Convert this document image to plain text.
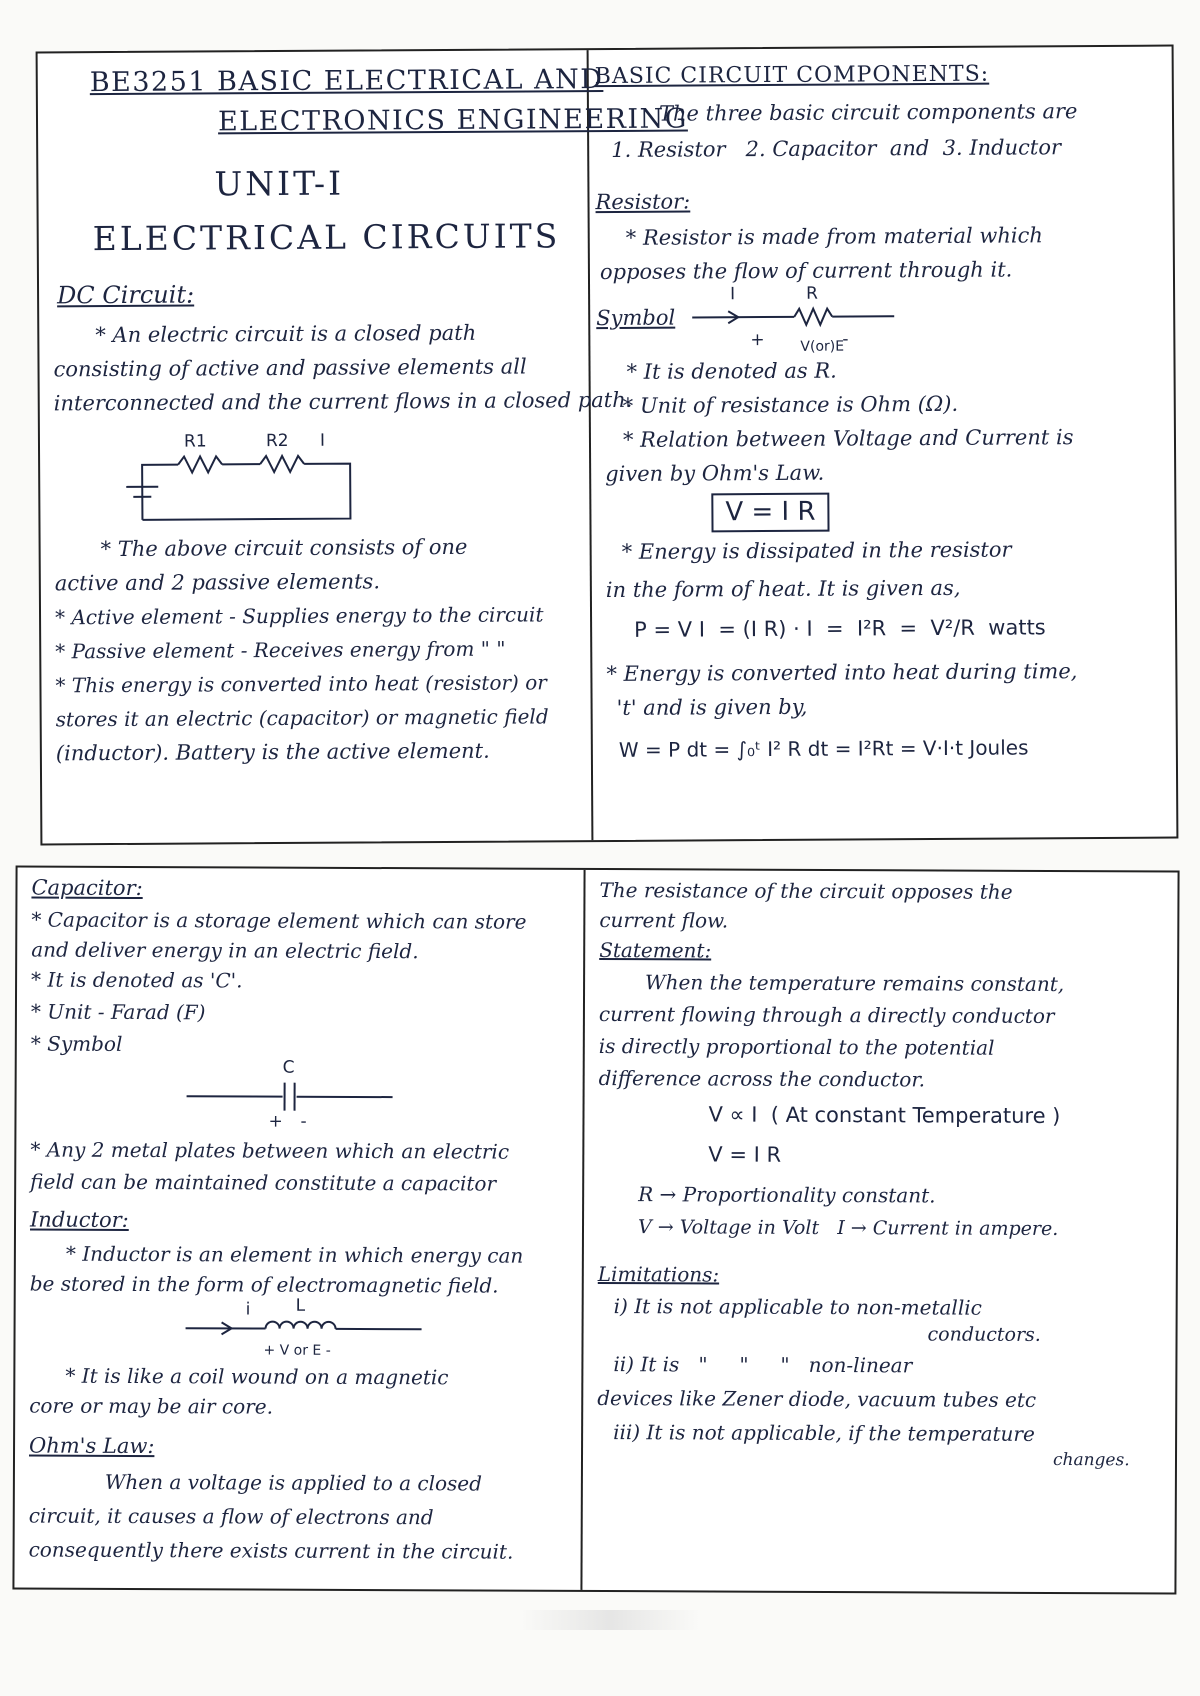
BE3251 BASIC ELECTRICAL AND
ELECTRONICS ENGINEERING
UNIT-I
ELECTRICAL CIRCUITS
DC Circuit:
* An electric circuit is a closed path
consisting of active and passive elements all
interconnected and the current flows in a closed path.
R1	R2 I
* The above circuit consists of one
active and 2 passive elements.
* Active element - Supplies energy to the circuit
* Passive element - Receives energy from " "
* This energy is converted into heat (resistor) or
stores it an electric (capacitor) or magnetic field
(inductor). Battery is the active element.
BASIC CIRCUIT COMPONENTS:
The three basic circuit components are
1. Resistor   2. Capacitor  and  3. Inductor
Resistor:
* Resistor is made from material which
opposes the flow of current through it.
Symbol
I	R
+	V(or)E
-
* It is denoted as R.
* Unit of resistance is Ohm (Ω).
* Relation between Voltage and Current is
given by Ohm's Law.
V = I R
* Energy is dissipated in the resistor
in the form of heat. It is given as,
P = V I  = (I R) · I  =  I²R  =  V²/R  watts
* Energy is converted into heat during time,
't' and is given by,
W = P dt = ∫₀ᵗ I² R dt = I²Rt = V·I·t Joules
Capacitor:
* Capacitor is a storage element which can store
and deliver energy in an electric field.
* It is denoted as 'C'.
* Unit - Farad (F)
* Symbol
C
+ -
* Any 2 metal plates between which an electric
field can be maintained constitute a capacitor
Inductor:
* Inductor is an element in which energy can
be stored in the form of electromagnetic field.
i	L
+ V or E -
* It is like a coil wound on a magnetic
core or may be air core.
Ohm's Law:
When a voltage is applied to a closed
circuit, it causes a flow of electrons and
consequently there exists current in the circuit.
The resistance of the circuit opposes the
current flow.
Statement:
When the temperature remains constant,
current flowing through a directly conductor
is directly proportional to the potential
difference across the conductor.
V ∝ I  ( At constant Temperature )
V = I R
R → Proportionality constant.
V → Voltage in Volt   I → Current in ampere.
Limitations:
i) It is not applicable to non-metallic
conductors.
ii) It is   "     "     "   non-linear
devices like Zener diode, vacuum tubes etc
iii) It is not applicable, if the temperature
changes.
